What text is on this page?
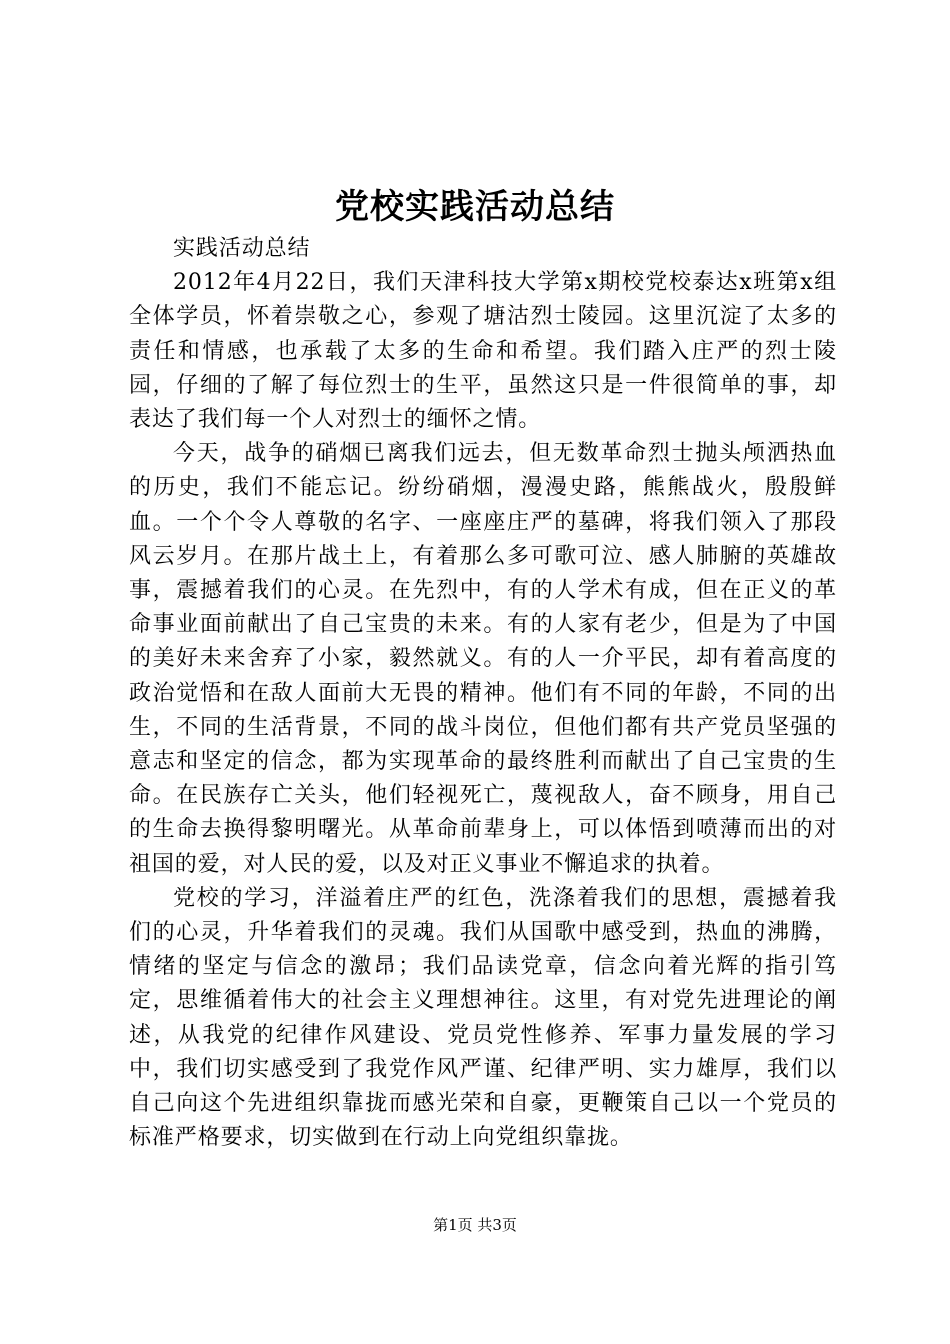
党校实践活动总结

实践活动总结

2012年4月22日，我们天津科技大学第x期校党校泰达x班第x组全体学员，怀着崇敬之心，参观了塘沽烈士陵园。这里沉淀了太多的责任和情感，也承载了太多的生命和希望。我们踏入庄严的烈士陵园，仔细的了解了每位烈士的生平，虽然这只是一件很简单的事，却表达了我们每一个人对烈士的缅怀之情。

今天，战争的硝烟已离我们远去，但无数革命烈士抛头颅洒热血的历史，我们不能忘记。纷纷硝烟，漫漫史路，熊熊战火，殷殷鲜血。一个个令人尊敬的名字、一座座庄严的墓碑，将我们领入了那段风云岁月。在那片战土上，有着那么多可歌可泣、感人肺腑的英雄故事，震撼着我们的心灵。在先烈中，有的人学术有成，但在正义的革命事业面前献出了自己宝贵的未来。有的人家有老少，但是为了中国的美好未来舍弃了小家，毅然就义。有的人一介平民，却有着高度的政治觉悟和在敌人面前大无畏的精神。他们有不同的年龄，不同的出生，不同的生活背景，不同的战斗岗位，但他们都有共产党员坚强的意志和坚定的信念，都为实现革命的最终胜利而献出了自己宝贵的生命。在民族存亡关头，他们轻视死亡，蔑视敌人，奋不顾身，用自己的生命去换得黎明曙光。从革命前辈身上，可以体悟到喷薄而出的对祖国的爱，对人民的爱，以及对正义事业不懈追求的执着。

党校的学习，洋溢着庄严的红色，洗涤着我们的思想，震撼着我们的心灵，升华着我们的灵魂。我们从国歌中感受到，热血的沸腾，情绪的坚定与信念的激昂；我们品读党章，信念向着光辉的指引笃定，思维循着伟大的社会主义理想神往。这里，有对党先进理论的阐述，从我党的纪律作风建设、党员党性修养、军事力量发展的学习中，我们切实感受到了我党作风严谨、纪律严明、实力雄厚，我们以自己向这个先进组织靠拢而感光荣和自豪，更鞭策自己以一个党员的标准严格要求，切实做到在行动上向党组织靠拢。

第1页 共3页
